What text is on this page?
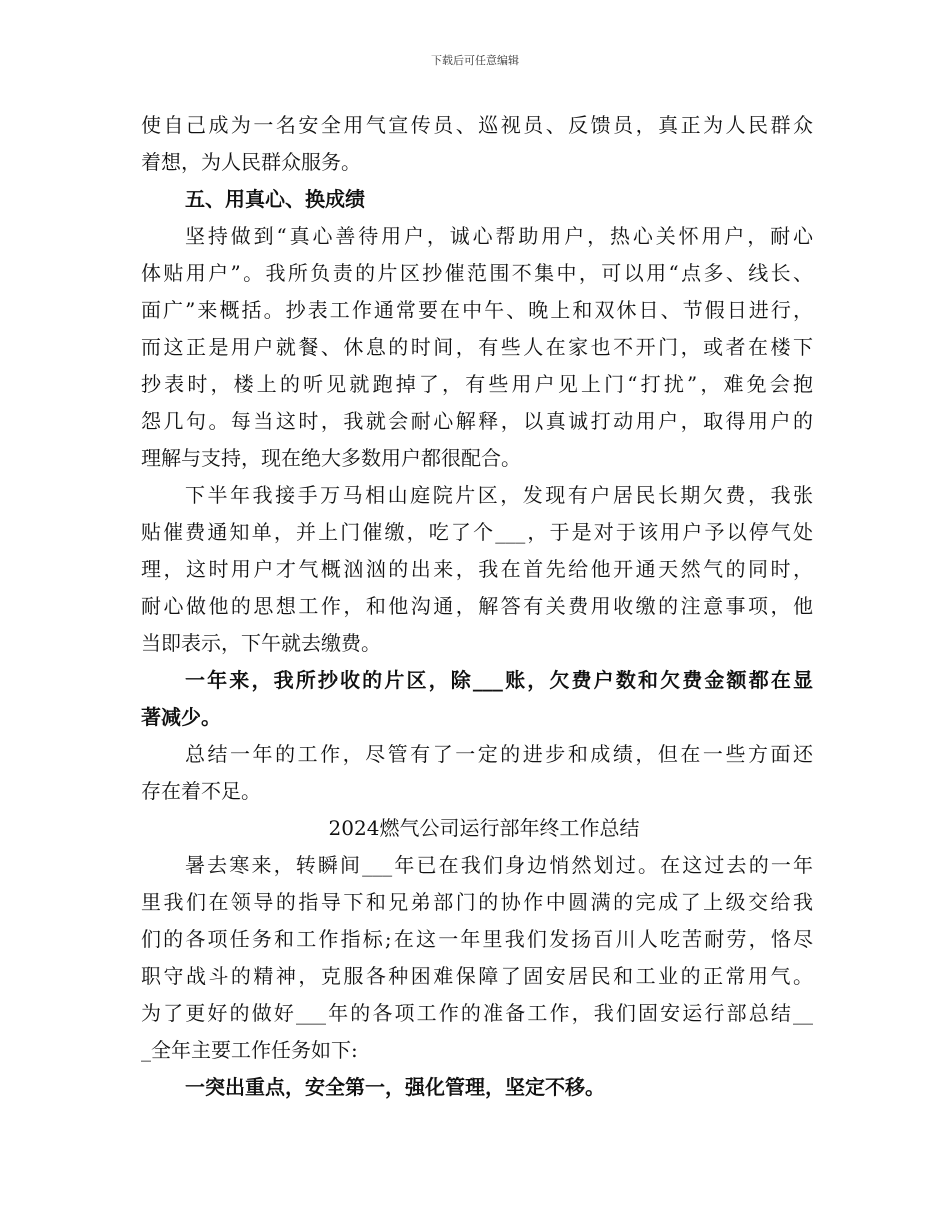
下载后可任意编辑
使自己成为一名安全用气宣传员、巡视员、反馈员，真正为人民群众
着想，为人民群众服务。
五、用真心、换成绩
坚持做到“真心善待用户，诚心帮助用户，热心关怀用户，耐心
体贴用户”。我所负责的片区抄催范围不集中，可以用“点多、线长、
面广”来概括。抄表工作通常要在中午、晚上和双休日、节假日进行，
而这正是用户就餐、休息的时间，有些人在家也不开门，或者在楼下
抄表时，楼上的听见就跑掉了，有些用户见上门“打扰”，难免会抱
怨几句。每当这时，我就会耐心解释，以真诚打动用户，取得用户的
理解与支持，现在绝大多数用户都很配合。
下半年我接手万马相山庭院片区，发现有户居民长期欠费，我张
贴催费通知单，并上门催缴，吃了个___，于是对于该用户予以停气处
理，这时用户才气概汹汹的出来，我在首先给他开通天然气的同时，
耐心做他的思想工作，和他沟通，解答有关费用收缴的注意事项，他
当即表示，下午就去缴费。
一年来，我所抄收的片区，除___账，欠费户数和欠费金额都在显
著减少。
总结一年的工作，尽管有了一定的进步和成绩，但在一些方面还
存在着不足。
2024燃气公司运行部年终工作总结
暑去寒来，转瞬间___年已在我们身边悄然划过。在这过去的一年
里我们在领导的指导下和兄弟部门的协作中圆满的完成了上级交给我
们的各项任务和工作指标;在这一年里我们发扬百川人吃苦耐劳，恪尽
职守战斗的精神，克服各种困难保障了固安居民和工业的正常用气。
为了更好的做好___年的各项工作的准备工作，我们固安运行部总结__
_全年主要工作任务如下:
一突出重点，安全第一，强化管理，坚定不移。
